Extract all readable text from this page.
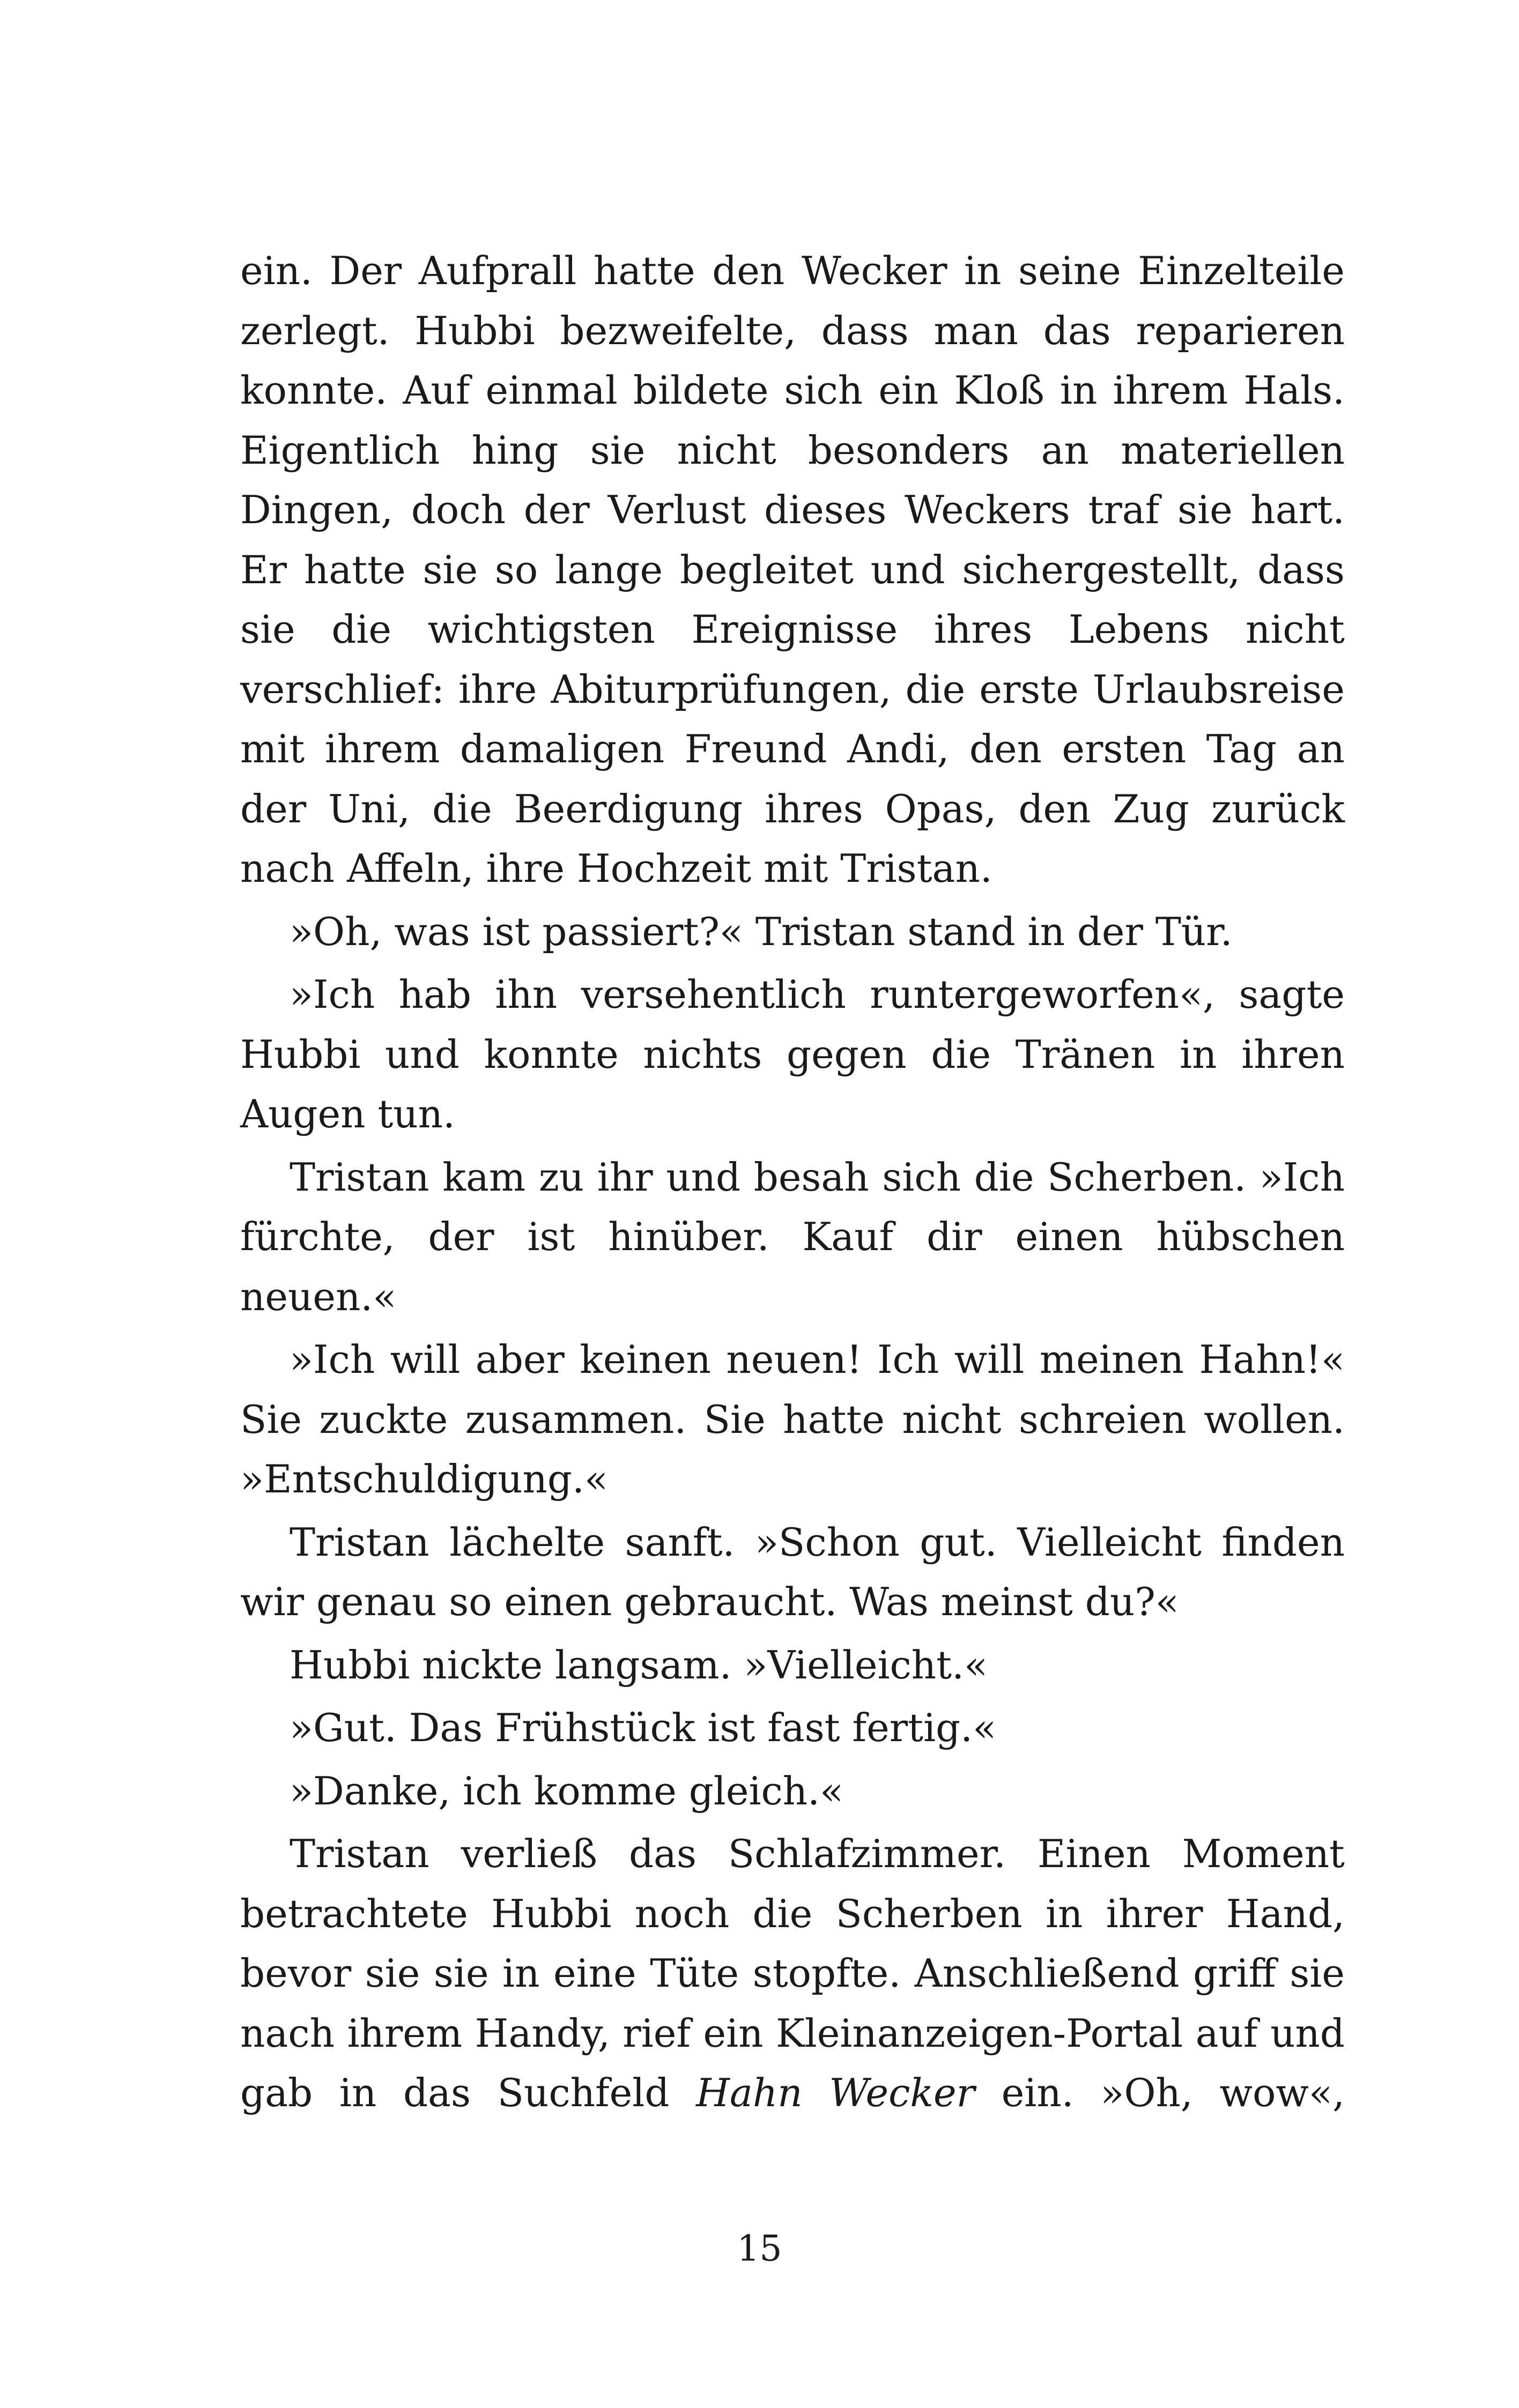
ein. Der Aufprall hatte den Wecker in seine Einzelteile zerlegt. Hubbi bezweifelte, dass man das reparieren konnte. Auf einmal bildete sich ein Kloß in ihrem Hals. Eigentlich hing sie nicht besonders an materiellen Dingen, doch der Verlust dieses Weckers traf sie hart. Er hatte sie so lange begleitet und sichergestellt, dass sie die wichtigsten Ereignisse ihres Lebens nicht verschlief: ihre Abiturprüfungen, die erste Urlaubsreise mit ihrem damaligen Freund Andi, den ersten Tag an der Uni, die Beerdigung ihres Opas, den Zug zurück nach Affeln, ihre Hochzeit mit Tristan.

»Oh, was ist passiert?« Tristan stand in der Tür.

»Ich hab ihn versehentlich runtergeworfen«, sagte Hubbi und konnte nichts gegen die Tränen in ihren Augen tun.

Tristan kam zu ihr und besah sich die Scherben. »Ich fürchte, der ist hinüber. Kauf dir einen hübschen neuen.«

»Ich will aber keinen neuen! Ich will meinen Hahn!« Sie zuckte zusammen. Sie hatte nicht schreien wollen. »Entschuldigung.«

Tristan lächelte sanft. »Schon gut. Vielleicht finden wir genau so einen gebraucht. Was meinst du?«

Hubbi nickte langsam. »Vielleicht.«

»Gut. Das Frühstück ist fast fertig.«

»Danke, ich komme gleich.«

Tristan verließ das Schlafzimmer. Einen Moment betrachtete Hubbi noch die Scherben in ihrer Hand, bevor sie sie in eine Tüte stopfte. Anschließend griff sie nach ihrem Handy, rief ein Kleinanzeigen-Portal auf und gab in das Suchfeld Hahn Wecker ein. »Oh, wow«,

15
